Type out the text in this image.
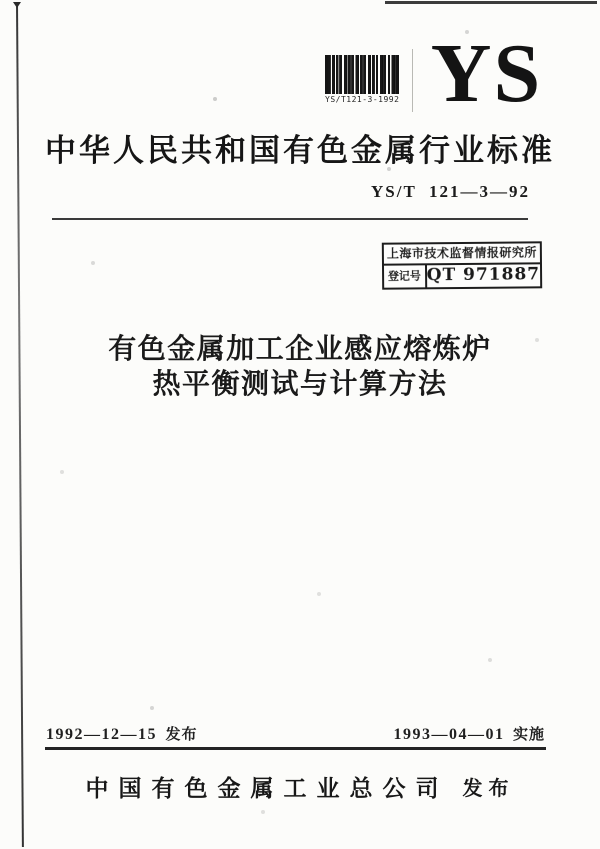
YS/T121-3-1992 YS
中华人民共和国有色金属行业标准
YS/T  121—3—92
上海市技术监督情报研究所
登记号 QT 971887
有色金属加工企业感应熔炼炉
热平衡测试与计算方法
1992—12—15 发布	1993—04—01 实施
中国有色金属工业总公司 发布
